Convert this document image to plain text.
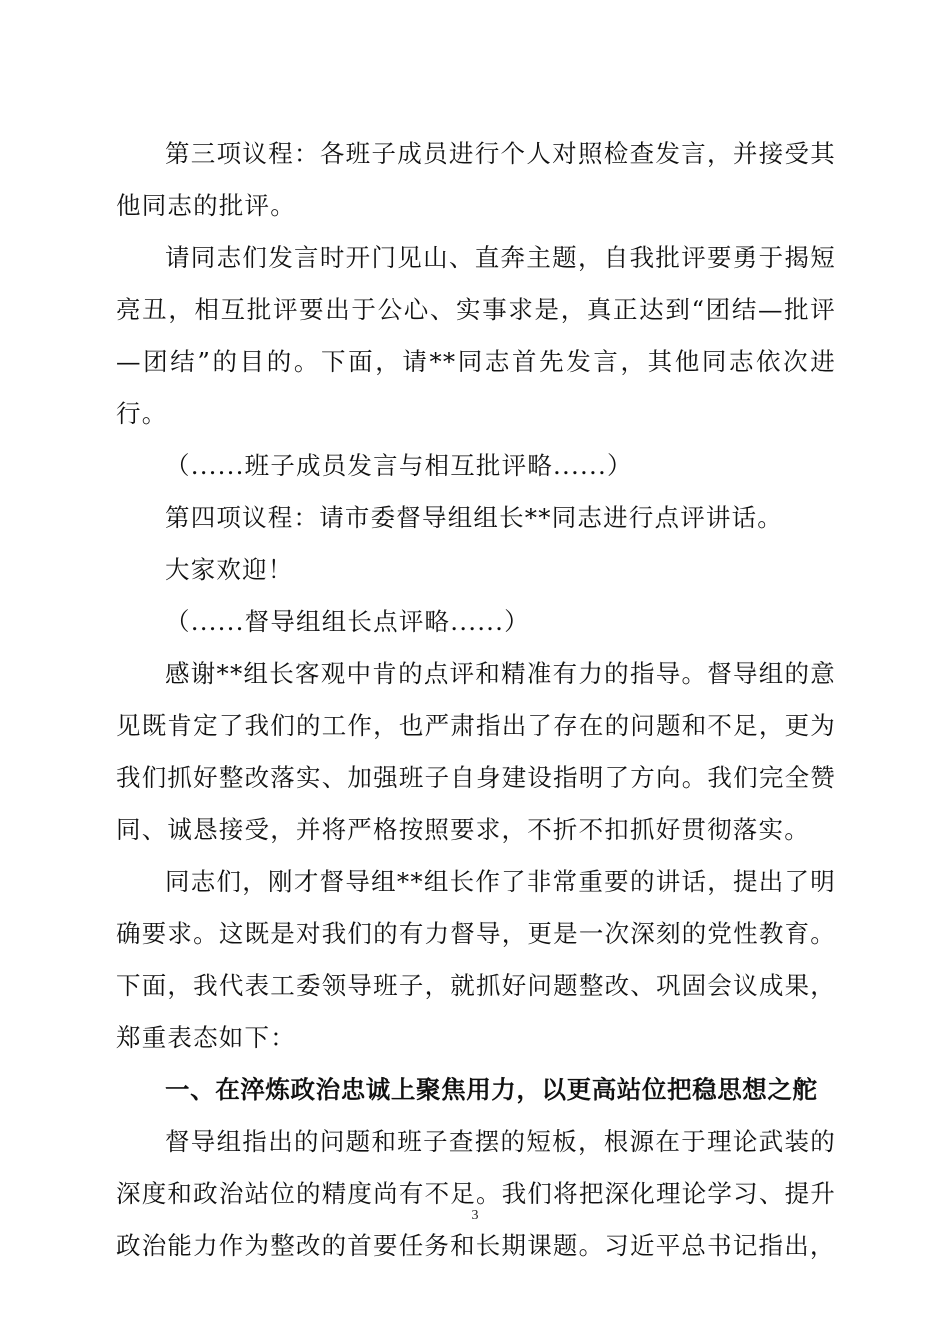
第三项议程：各班子成员进行个人对照检查发言，并接受其他同志的批评。

请同志们发言时开门见山、直奔主题，自我批评要勇于揭短亮丑，相互批评要出于公心、实事求是，真正达到“团结—批评—团结”的目的。下面，请**同志首先发言，其他同志依次进行。

（......班子成员发言与相互批评略......）

第四项议程：请市委督导组组长**同志进行点评讲话。

大家欢迎！

（......督导组组长点评略......）

感谢**组长客观中肯的点评和精准有力的指导。督导组的意见既肯定了我们的工作，也严肃指出了存在的问题和不足，更为我们抓好整改落实、加强班子自身建设指明了方向。我们完全赞同、诚恳接受，并将严格按照要求，不折不扣抓好贯彻落实。

同志们，刚才督导组**组长作了非常重要的讲话，提出了明确要求。这既是对我们的有力督导，更是一次深刻的党性教育。下面，我代表工委领导班子，就抓好问题整改、巩固会议成果，郑重表态如下：

一、在淬炼政治忠诚上聚焦用力，以更高站位把稳思想之舵

督导组指出的问题和班子查摆的短板，根源在于理论武装的深度和政治站位的精度尚有不足。我们将把深化理论学习、提升政治能力作为整改的首要任务和长期课题。习近平总书记指出，

3
